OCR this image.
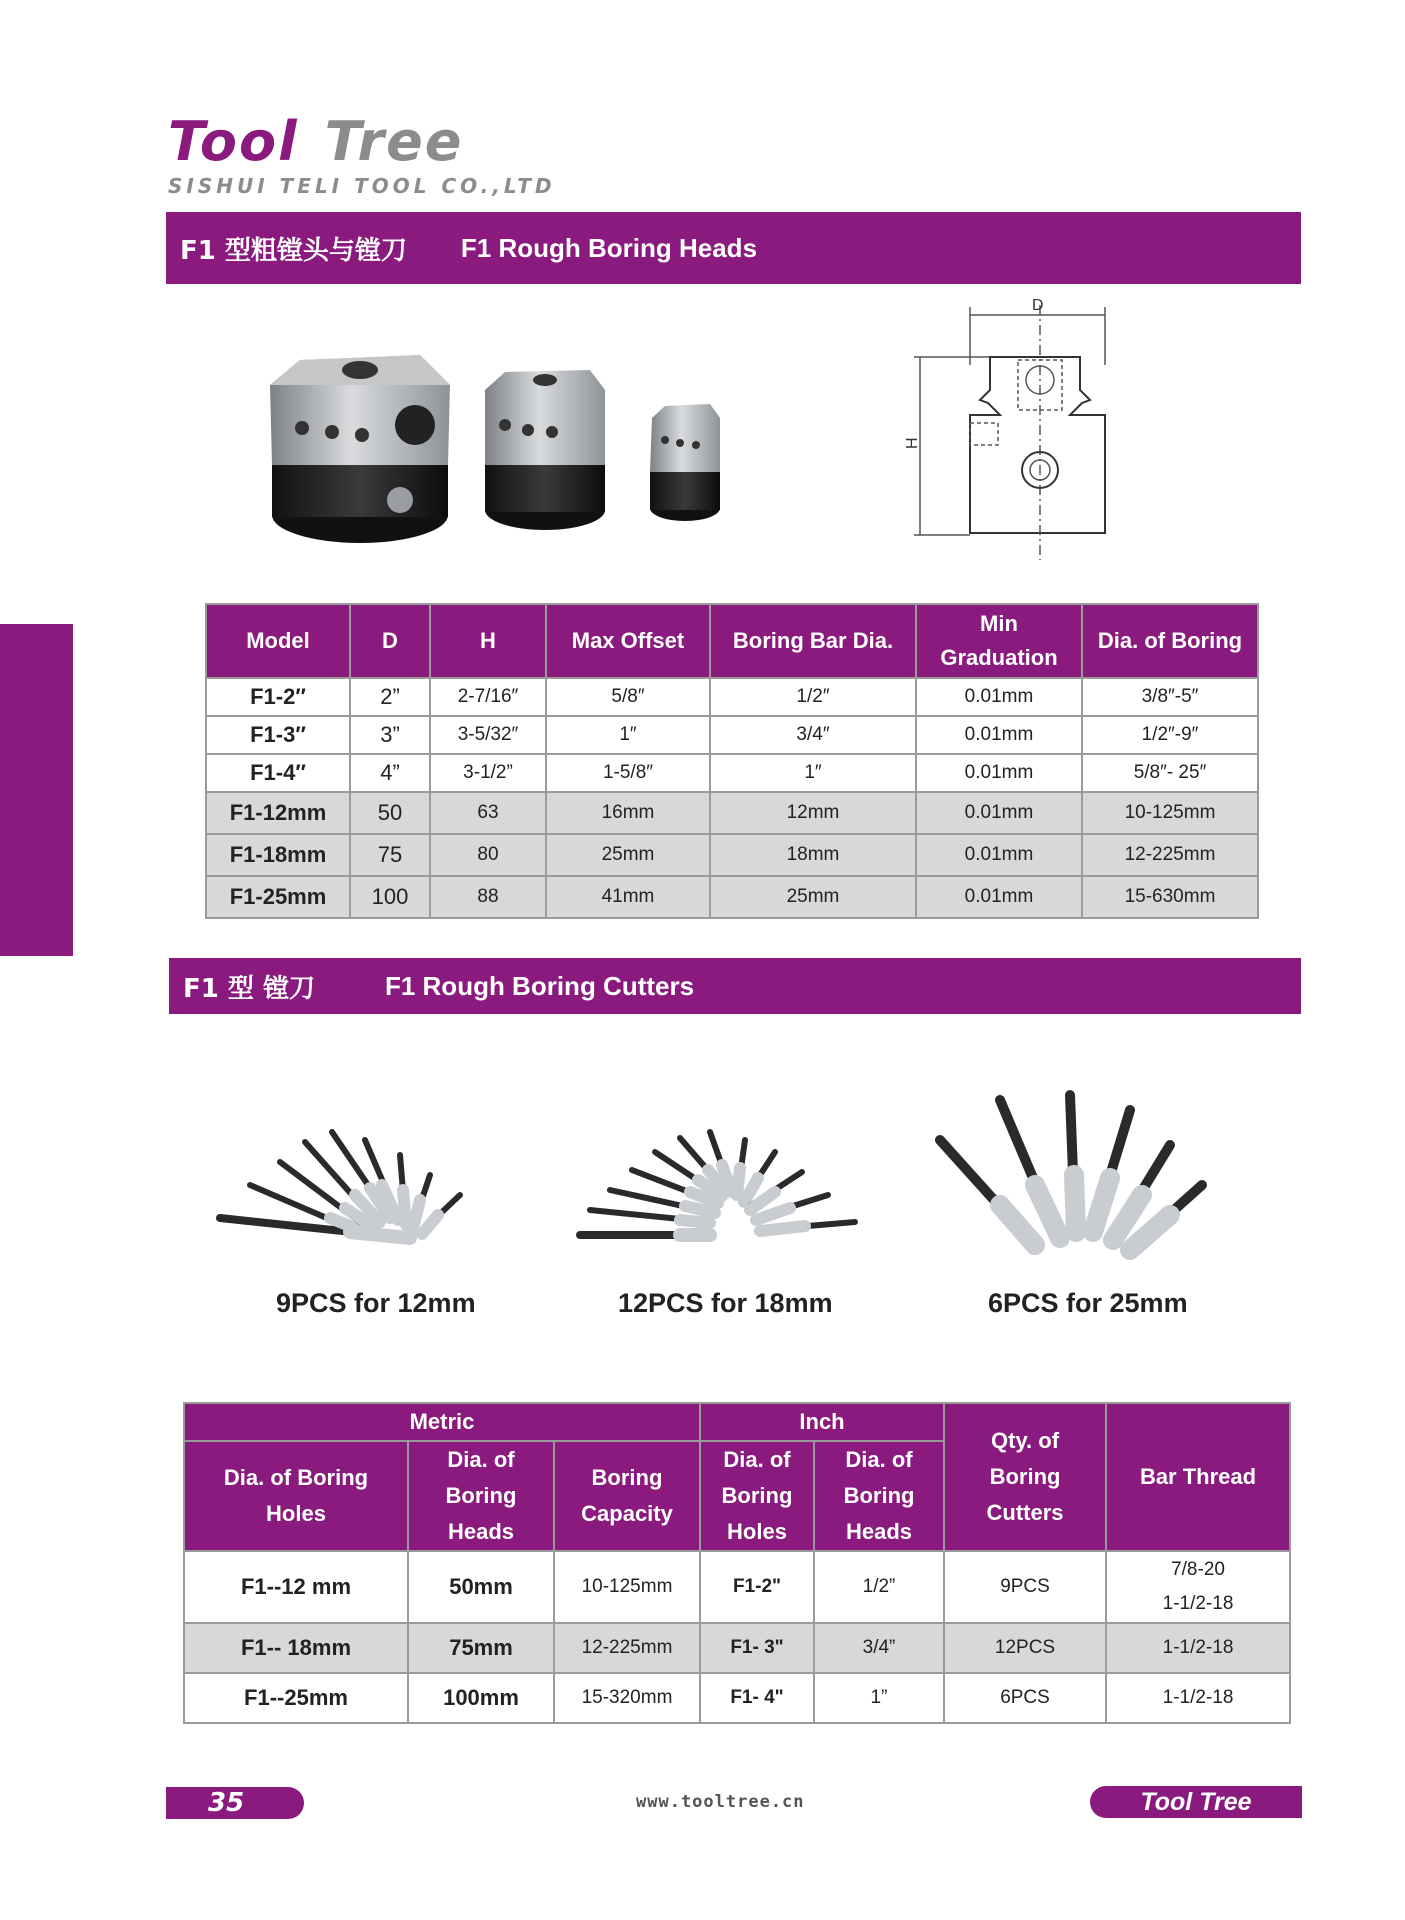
Tool Tree
SISHUI TELI TOOL CO.,LTD
F1 型粗镗头与镗刀 F1 Rough Boring Heads
D
H
Model	D	H	Max Offset	Boring Bar Dia.	Min Graduation	Dia. of Boring
F1-2″	2”	2-7/16″	5/8″	1/2″	0.01mm	3/8″-5″
F1-3″	3”	3-5/32″	1″	3/4″	0.01mm	1/2″-9″
F1-4″	4”	3-1/2”	1-5/8″	1″	0.01mm	5/8″- 25″
F1-12mm	50	63	16mm	12mm	0.01mm	10-125mm
F1-18mm	75	80	25mm	18mm	0.01mm	12-225mm
F1-25mm	100	88	41mm	25mm	0.01mm	15-630mm
F1 型 镗刀	F1 Rough Boring Cutters
9PCS for 12mm	12PCS for 18mm	6PCS for 25mm
Metric			Inch		Qty. of Boring Cutters	Bar Thread
Dia. of Boring Holes	Dia. of Boring Heads	Boring Capacity	Dia. of Boring Holes	Dia. of Boring Heads		
F1--12 mm	50mm	10-125mm	F1-2"	1/2”	9PCS	7/8-20
1-1/2-18

F1-- 18mm	75mm	12-225mm	F1- 3"	3/4”	12PCS	1-1/2-18
F1--25mm	100mm	15-320mm	F1- 4"	1”	6PCS	1-1/2-18
35	www.tooltree.cn	Tool Tree
